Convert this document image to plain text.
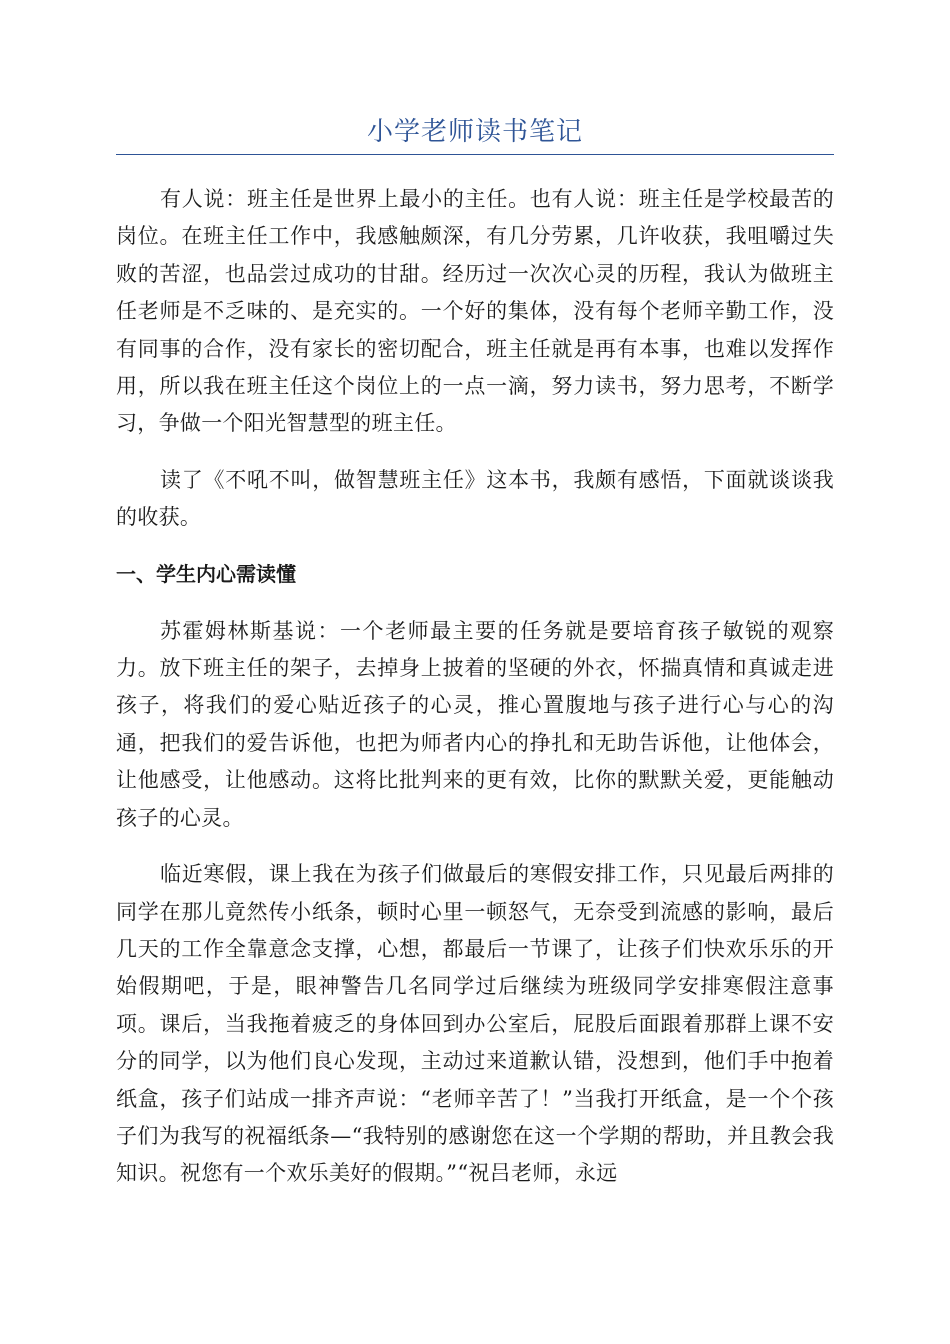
小学老师读书笔记

有人说：班主任是世界上最小的主任。也有人说：班主任是学校最苦的岗位。在班主任工作中，我感触颇深，有几分劳累，几许收获，我咀嚼过失败的苦涩，也品尝过成功的甘甜。经历过一次次心灵的历程，我认为做班主任老师是不乏味的、是充实的。一个好的集体，没有每个老师辛勤工作，没有同事的合作，没有家长的密切配合，班主任就是再有本事，也难以发挥作用，所以我在班主任这个岗位上的一点一滴，努力读书，努力思考，不断学习，争做一个阳光智慧型的班主任。

读了《不吼不叫，做智慧班主任》这本书，我颇有感悟，下面就谈谈我的收获。

一、学生内心需读懂

苏霍姆林斯基说：一个老师最主要的任务就是要培育孩子敏锐的观察力。放下班主任的架子，去掉身上披着的坚硬的外衣，怀揣真情和真诚走进孩子，将我们的爱心贴近孩子的心灵，推心置腹地与孩子进行心与心的沟通，把我们的爱告诉他，也把为师者内心的挣扎和无助告诉他，让他体会，让他感受，让他感动。这将比批判来的更有效，比你的默默关爱，更能触动孩子的心灵。

临近寒假，课上我在为孩子们做最后的寒假安排工作，只见最后两排的同学在那儿竟然传小纸条，顿时心里一顿怒气，无奈受到流感的影响，最后几天的工作全靠意念支撑，心想，都最后一节课了，让孩子们快欢乐乐的开始假期吧，于是，眼神警告几名同学过后继续为班级同学安排寒假注意事项。课后，当我拖着疲乏的身体回到办公室后，屁股后面跟着那群上课不安分的同学，以为他们良心发现，主动过来道歉认错，没想到，他们手中抱着纸盒，孩子们站成一排齐声说：“老师辛苦了！”当我打开纸盒，是一个个孩子们为我写的祝福纸条—“我特别的感谢您在这一个学期的帮助，并且教会我知识。祝您有一个欢乐美好的假期。”“祝吕老师，永远
